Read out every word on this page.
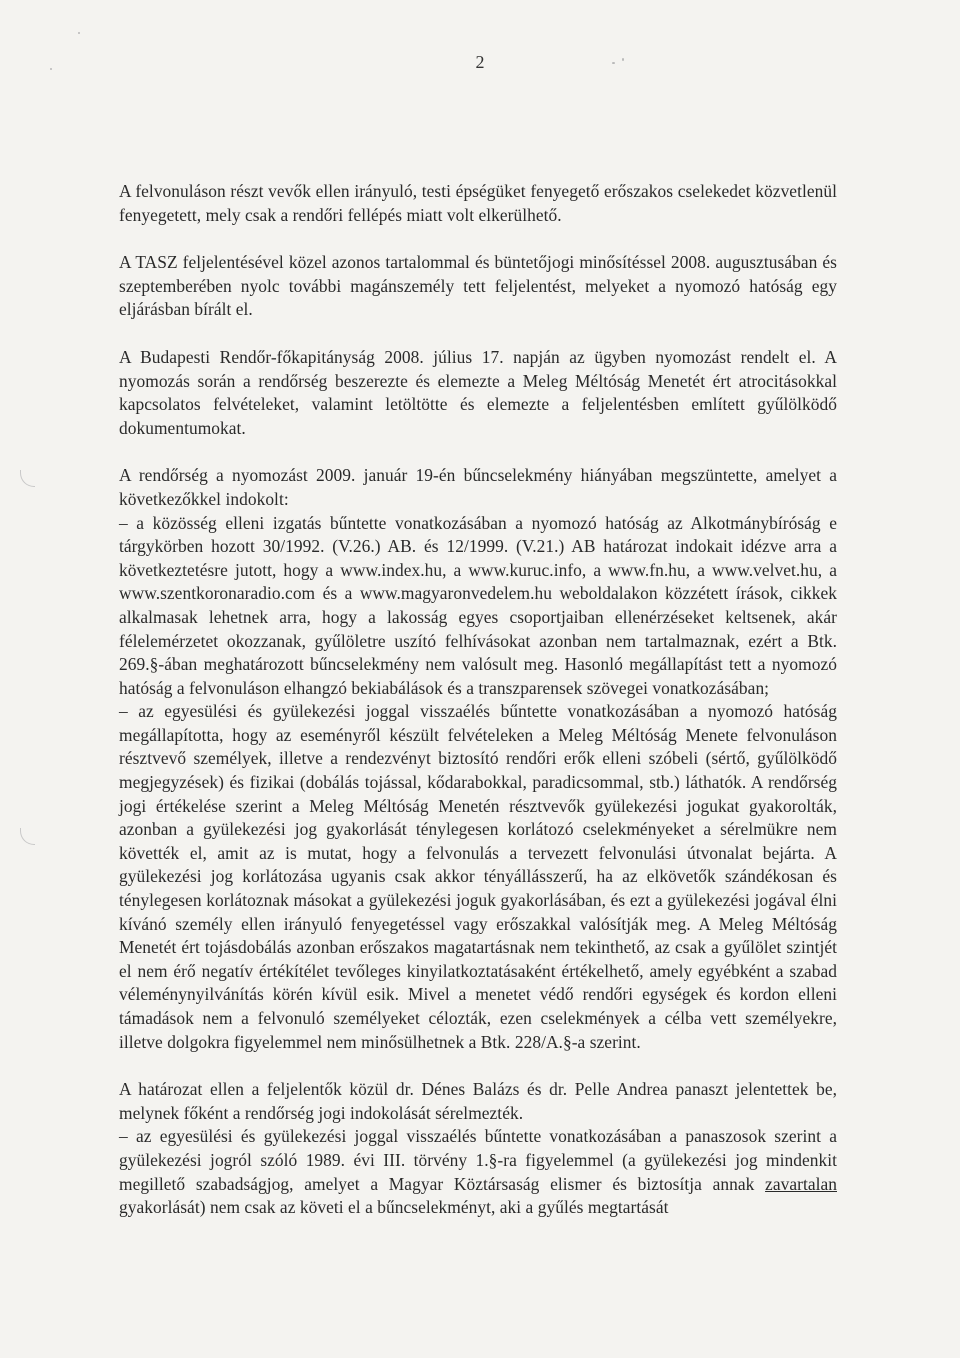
2

A felvonuláson részt vevők ellen irányuló, testi épségüket fenyegető erőszakos cselekedet közvetlenül fenyegetett, mely csak a rendőri fellépés miatt volt elkerülhető.

A TASZ feljelentésével közel azonos tartalommal és büntetőjogi minősítéssel 2008. augusztusában és szeptemberében nyolc további magánszemély tett feljelentést, melyeket a nyomozó hatóság egy eljárásban bírált el.

A Budapesti Rendőr-főkapitányság 2008. július 17. napján az ügyben nyomozást rendelt el. A nyomozás során a rendőrség beszerezte és elemezte a Meleg Méltóság Menetét ért atrocitásokkal kapcsolatos felvételeket, valamint letöltötte és elemezte a feljelentésben említett gyűlölködő dokumentumokat.

A rendőrség a nyomozást 2009. január 19-én bűncselekmény hiányában megszüntette, amelyet a következőkkel indokolt:

– a közösség elleni izgatás bűntette vonatkozásában a nyomozó hatóság az Alkotmánybíróság e tárgykörben hozott 30/1992. (V.26.) AB. és 12/1999. (V.21.) AB határozat indokait idézve arra a következtetésre jutott, hogy a www.index.hu, a www.kuruc.info, a www.fn.hu, a www.velvet.hu, a www.szentkoronaradio.com és a www.magyaronvedelem.hu weboldalakon közzétett írások, cikkek alkalmasak lehetnek arra, hogy a lakosság egyes csoportjaiban ellenérzéseket keltsenek, akár félelemérzetet okozzanak, gyűlöletre uszító felhívásokat azonban nem tartalmaznak, ezért a Btk. 269.§-ában meghatározott bűncselekmény nem valósult meg. Hasonló megállapítást tett a nyomozó hatóság a felvonuláson elhangzó bekiabálások és a transzparensek szövegei vonatkozásában;

– az egyesülési és gyülekezési joggal visszaélés bűntette vonatkozásában a nyomozó hatóság megállapította, hogy az eseményről készült felvételeken a Meleg Méltóság Menete felvonuláson résztvevő személyek, illetve a rendezvényt biztosító rendőri erők elleni szóbeli (sértő, gyűlölködő megjegyzések) és fizikai (dobálás tojással, kődarabokkal, paradicsommal, stb.) láthatók. A rendőrség jogi értékelése szerint a Meleg Méltóság Menetén résztvevők gyülekezési jogukat gyakorolták, azonban a gyülekezési jog gyakorlását ténylegesen korlátozó cselekményeket a sérelmükre nem követték el, amit az is mutat, hogy a felvonulás a tervezett felvonulási útvonalat bejárta. A gyülekezési jog korlátozása ugyanis csak akkor tényállásszerű, ha az elkövetők szándékosan és ténylegesen korlátoznak másokat a gyülekezési joguk gyakorlásában, és ezt a gyülekezési jogával élni kívánó személy ellen irányuló fenyegetéssel vagy erőszakkal valósítják meg. A Meleg Méltóság Menetét ért tojásdobálás azonban erőszakos magatartásnak nem tekinthető, az csak a gyűlölet szintjét el nem érő negatív értékítélet tevőleges kinyilatkoztatásaként értékelhető, amely egyébként a szabad véleménynyilvánítás körén kívül esik. Mivel a menetet védő rendőri egységek és kordon elleni támadások nem a felvonuló személyeket célozták, ezen cselekmények a célba vett személyekre, illetve dolgokra figyelemmel nem minősülhetnek a Btk. 228/A.§-a szerint.

A határozat ellen a feljelentők közül dr. Dénes Balázs és dr. Pelle Andrea panaszt jelentettek be, melynek főként a rendőrség jogi indokolását sérelmezték.

– az egyesülési és gyülekezési joggal visszaélés bűntette vonatkozásában a panaszosok szerint a gyülekezési jogról szóló 1989. évi III. törvény 1.§-ra figyelemmel (a gyülekezési jog mindenkit megillető szabadságjog, amelyet a Magyar Köztársaság elismer és biztosítja annak zavartalan gyakorlását) nem csak az követi el a bűncselekményt, aki a gyűlés megtartását
